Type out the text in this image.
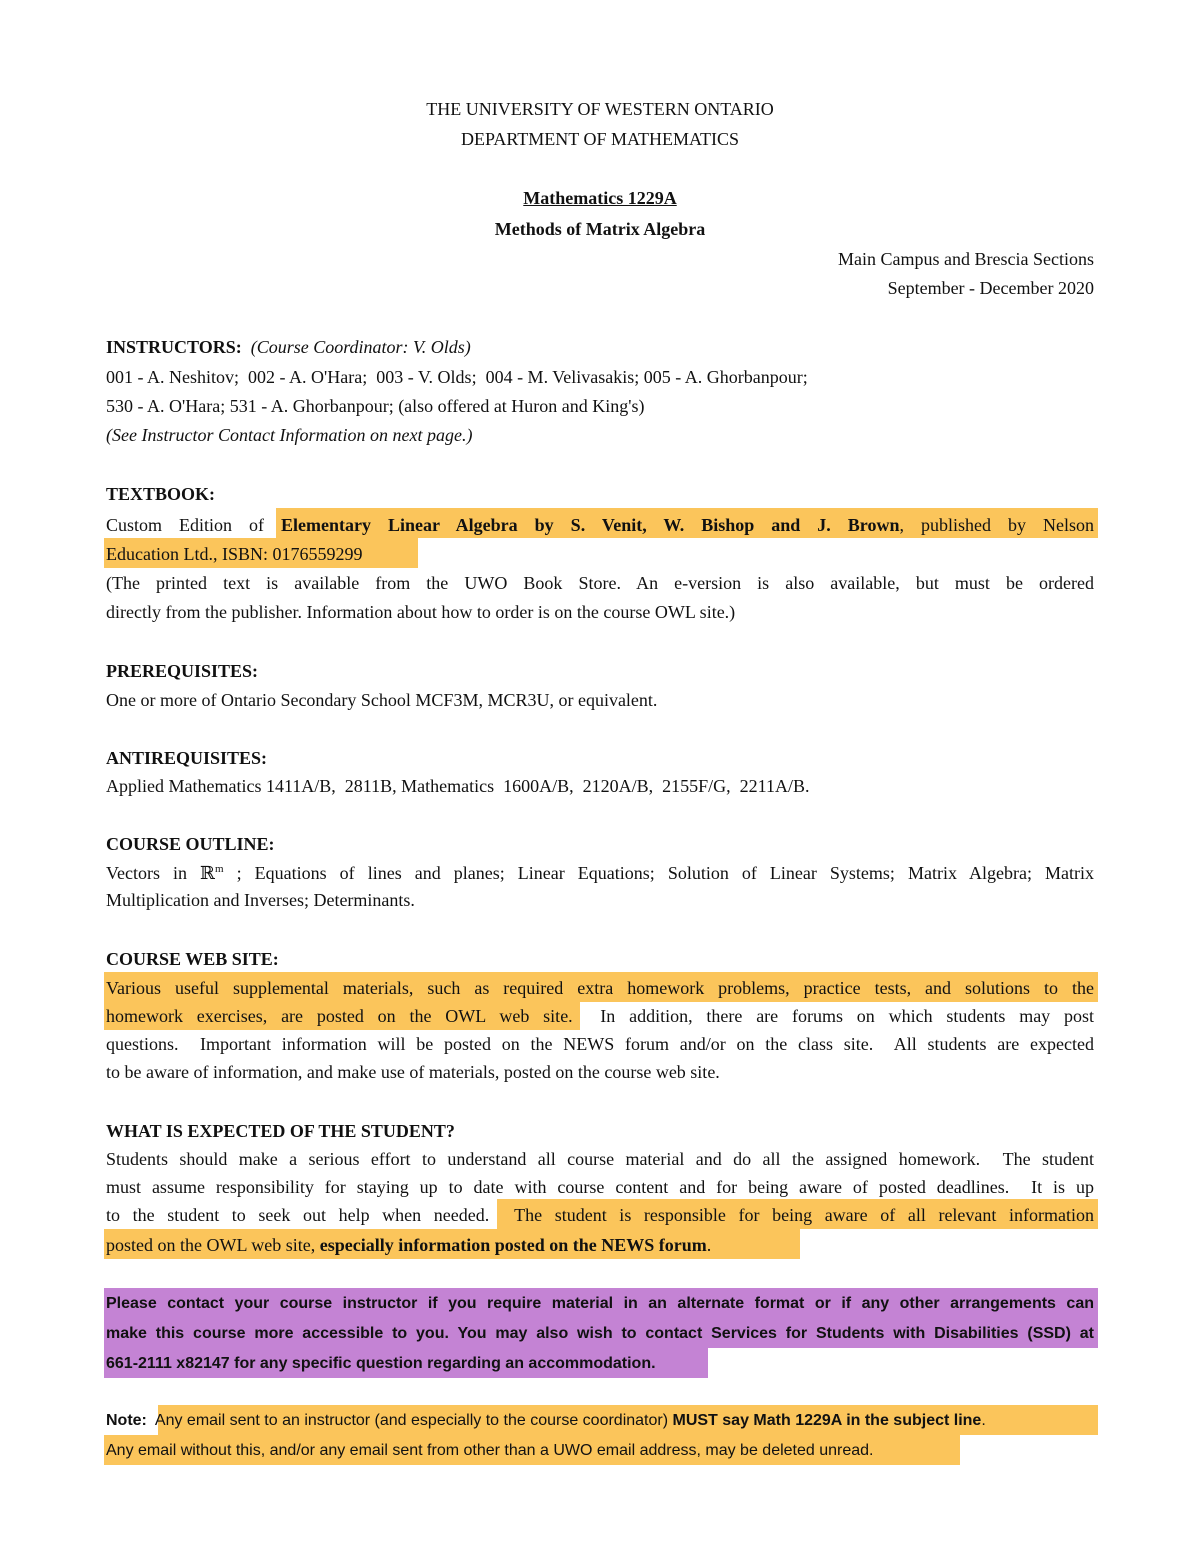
THE UNIVERSITY OF WESTERN ONTARIO
DEPARTMENT OF MATHEMATICS
Mathematics 1229A
Methods of Matrix Algebra
Main Campus and Brescia Sections
September - December 2020
INSTRUCTORS: (Course Coordinator: V. Olds)
001 - A. Neshitov;  002 - A. O'Hara;  003 - V. Olds;  004 - M. Velivasakis; 005 - A. Ghorbanpour;
530 - A. O'Hara; 531 - A. Ghorbanpour; (also offered at Huron and King's)
(See Instructor Contact Information on next page.)
TEXTBOOK:
Custom Edition of Elementary Linear Algebra by S. Venit, W. Bishop and J. Brown, published by Nelson
Education Ltd., ISBN: 0176559299
(The printed text is available from the UWO Book Store. An e-version is also available, but must be ordered
directly from the publisher. Information about how to order is on the course OWL site.)
PREREQUISITES:
One or more of Ontario Secondary School MCF3M, MCR3U, or equivalent.
ANTIREQUISITES:
Applied Mathematics 1411A/B,  2811B, Mathematics  1600A/B,  2120A/B,  2155F/G,  2211A/B.
COURSE OUTLINE:
Vectors in ℝ$^m$ ; Equations of lines and planes; Linear Equations; Solution of Linear Systems; Matrix Algebra; Matrix
Multiplication and Inverses; Determinants.
COURSE WEB SITE:
Various useful supplemental materials, such as required extra homework problems, practice tests, and solutions to the
homework exercises, are posted on the OWL web site.  In addition, there are forums on which students may post
questions.  Important information will be posted on the NEWS forum and/or on the class site.  All students are expected
to be aware of information, and make use of materials, posted on the course web site.
WHAT IS EXPECTED OF THE STUDENT?
Students should make a serious effort to understand all course material and do all the assigned homework.  The student
must assume responsibility for staying up to date with course content and for being aware of posted deadlines.  It is up
to the student to seek out help when needed.  The student is responsible for being aware of all relevant information
posted on the OWL web site, especially information posted on the NEWS forum.
Please contact your course instructor if you require material in an alternate format or if any other arrangements can
make this course more accessible to you. You may also wish to contact Services for Students with Disabilities (SSD) at
661-2111 x82147 for any specific question regarding an accommodation.
Note:  Any email sent to an instructor (and especially to the course coordinator) MUST say Math 1229A in the subject line.
Any email without this, and/or any email sent from other than a UWO email address, may be deleted unread.
